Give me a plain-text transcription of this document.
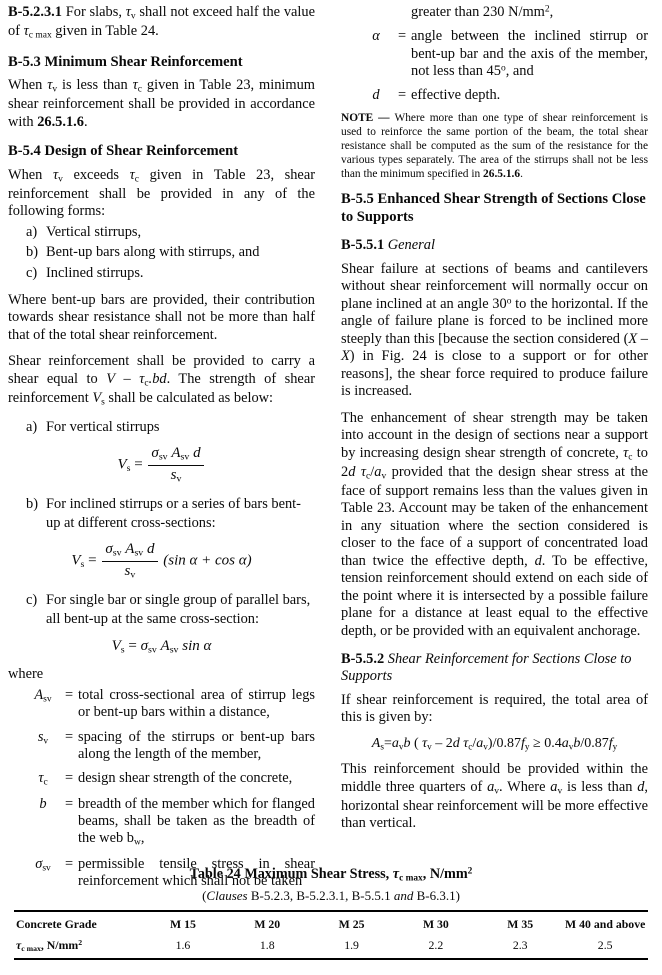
B-5.2.3.1 For slabs, $\tau_v$ shall not exceed half the value of $\tau_{c max}$ given in Table 24.

B-5.3 Minimum Shear Reinforcement

When $\tau_v$ is less than $\tau_c$ given in Table 23, minimum shear reinforcement shall be provided in accordance with 26.5.1.6.

B-5.4 Design of Shear Reinforcement

When $\tau_v$ exceeds $\tau_c$ given in Table 23, shear reinforcement shall be provided in any of the following forms:

a) Vertical stirrups,
b) Bent-up bars along with stirrups, and
c) Inclined stirrups.

Where bent-up bars are provided, their contribution towards shear resistance shall not be more than half that of the total shear reinforcement.

Shear reinforcement shall be provided to carry a shear equal to V – $\tau_c.bd$. The strength of shear reinforcement $V_s$ shall be calculated as below:

a) For vertical stirrups
$V_s = \frac{\sigma_{sv} A_{sv} d}{s_v}$
b) For inclined stirrups or a series of bars bent-up at different cross-sections:
$V_s = \frac{\sigma_{sv} A_{sv} d}{s_v} (\sin$ α + cos α)
c) For single bar or single group of parallel bars, all bent-up at the same cross-section:
$V_s = \sigma_{sv}$ $A_{sv}$ sin α
where
$A_{sv}$ = total cross-sectional area of stirrup legs or bent-up bars within a distance,
$s_v$	= spacing of the stirrups or bent-up bars along the length of the member,
$\tau_c$	= design shear strength of the concrete,
b	= breadth of the member which for flanged beams, shall be taken as the breadth of the web $b_w$,
$\sigma_{sv}$ = permissible tensile stress in shear reinforcement which shall not be taken
greater than 230 $N/mm^2$,
α	= angle between the inclined stirrup or bent-up bar and the axis of the member, not less than 45$^o$, and
d	= effective depth.
NOTE — Where more than one type of shear reinforcement is used to reinforce the same portion of the beam, the total shear resistance shall be computed as the sum of the resistance for the various types separately. The area of the stirrups shall not be less than the minimum specified in 26.5.1.6.
B-5.5 Enhanced Shear Strength of Sections Close to Supports
B-5.5.1 General

Shear failure at sections of beams and cantilevers without shear reinforcement will normally occur on plane inclined at an angle 30$^o$ to the horizontal. If the angle of failure plane is forced to be inclined more steeply than this [because the section considered (X – X) in Fig. 24 is close to a support or for other reasons], the shear force required to produce failure is increased.

The enhancement of shear strength may be taken into account in the design of sections near a support by increasing design shear strength of concrete, $\tau_c$ to 2d $\tau_c/a_v$ provided that the design shear stress at the face of support remains less than the values given in Table 23. Account may be taken of the enhancement in any situation where the section considered is closer to the face of a support of concentrated load than twice the effective depth, d. To be effective, tension reinforcement should extend on each side of the point where it is intersected by a possible failure plane for a distance at least equal to the effective depth, or be provided with an equivalent anchorage.

B-5.5.2 Shear Reinforcement for Sections Close to Supports

If shear reinforcement is required, the total area of this is given by:

$A_s=a_vb$ ( $\tau_v - 2d$ $\tau_c/a_v)/0.87f_y \ge 0.4a_vb/0.87f_y$

This reinforcement should be provided within the middle three quarters of $a_v$. Where $a_v$ is less than d, horizontal shear reinforcement will be more effective than vertical.

Table 24 Maximum Shear Stress, $\tau_{c max}$, $N/mm^2$
(Clauses B-5.2.3, B-5.2.3.1, B-5.5.1 and B-6.3.1)
Concrete Grade	M 15	M 20	M 25	M 30	M 35	M 40 and above
$\tau_{c max}$, $N/mm^2$	1.6	1.8	1.9	2.2	2.3	2.5
